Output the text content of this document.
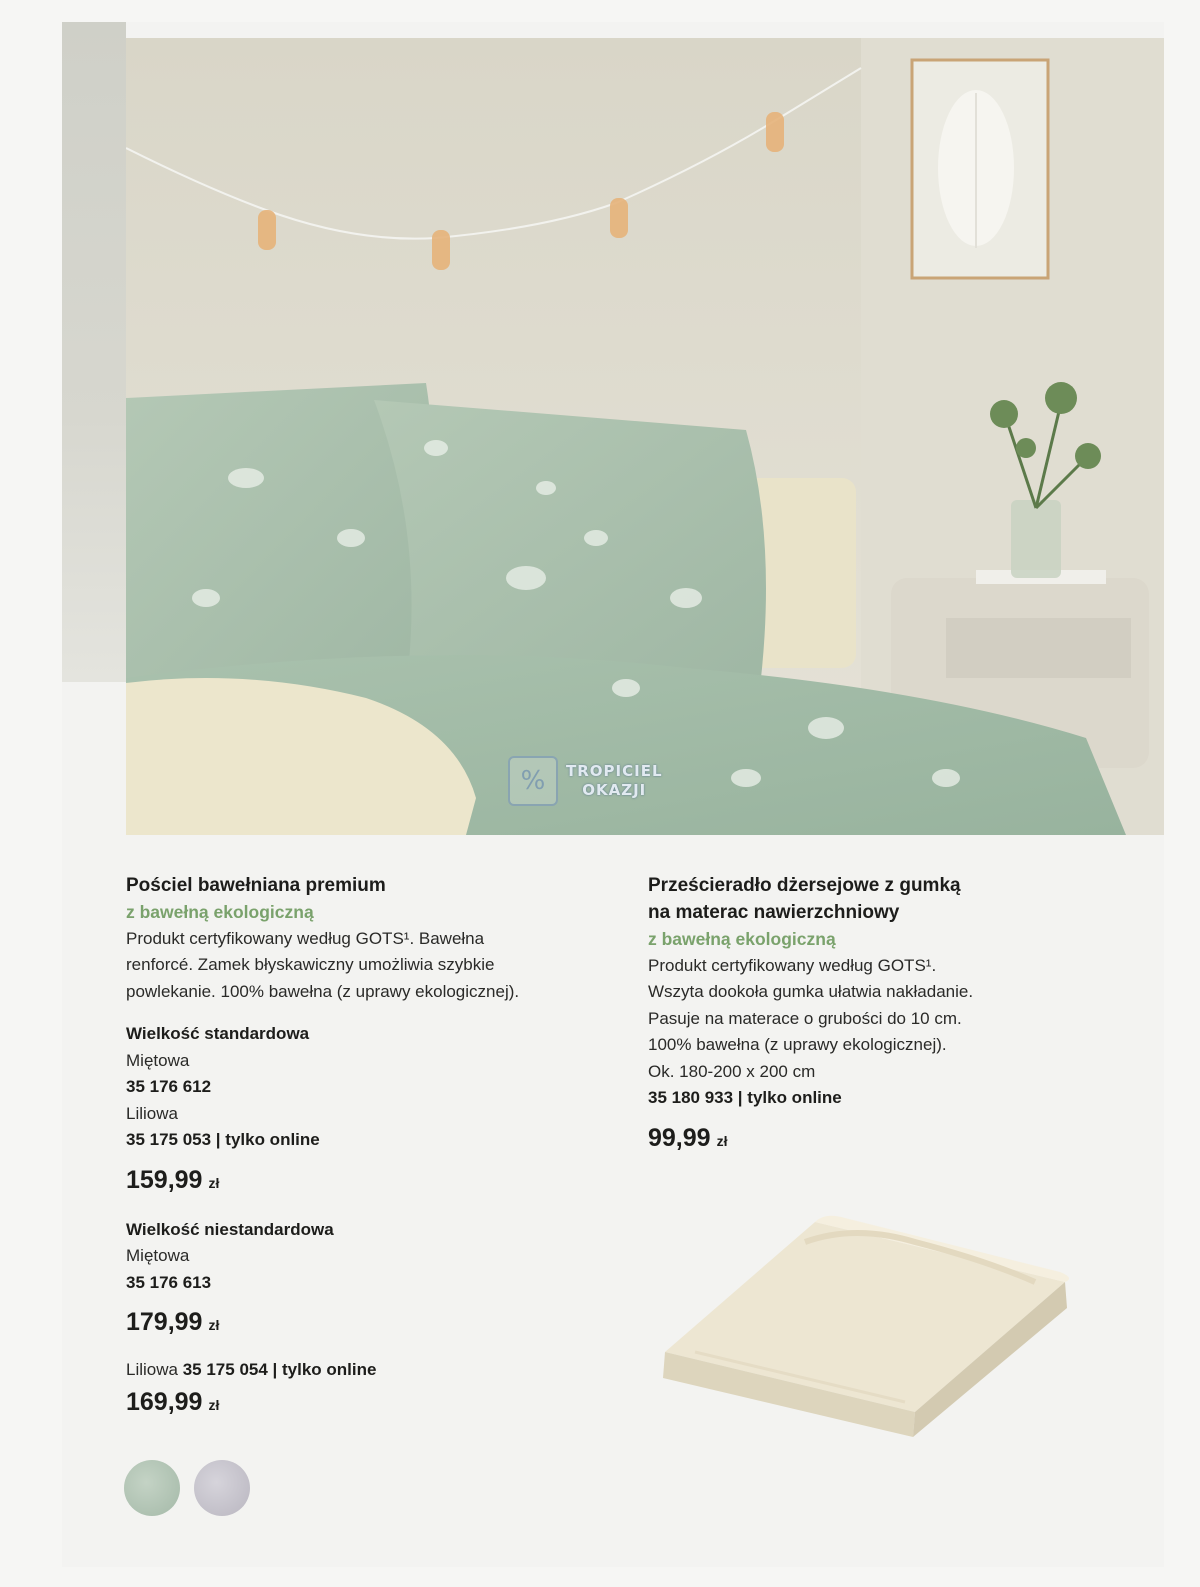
%	TROPICIEL
OKAZJI
Pościel bawełniana premium
z bawełną ekologiczną
Produkt certyfikowany według GOTS¹. Bawełna
renforcé. Zamek błyskawiczny umożliwia szybkie
powlekanie. 100% bawełna (z uprawy ekologicznej).
Wielkość standardowa
Miętowa
35 176 612
Liliowa
35 175 053 | tylko online
159,99 zł
Wielkość niestandardowa
Miętowa
35 176 613
179,99 zł
Liliowa 35 175 054 | tylko online
169,99 zł
Prześcieradło dżersejowe z gumką
na materac nawierzchniowy
z bawełną ekologiczną
Produkt certyfikowany według GOTS¹.
Wszyta dookoła gumka ułatwia nakładanie.
Pasuje na materace o grubości do 10 cm.
100% bawełna (z uprawy ekologicznej).
Ok. 180-200 x 200 cm
35 180 933 | tylko online
99,99 zł
